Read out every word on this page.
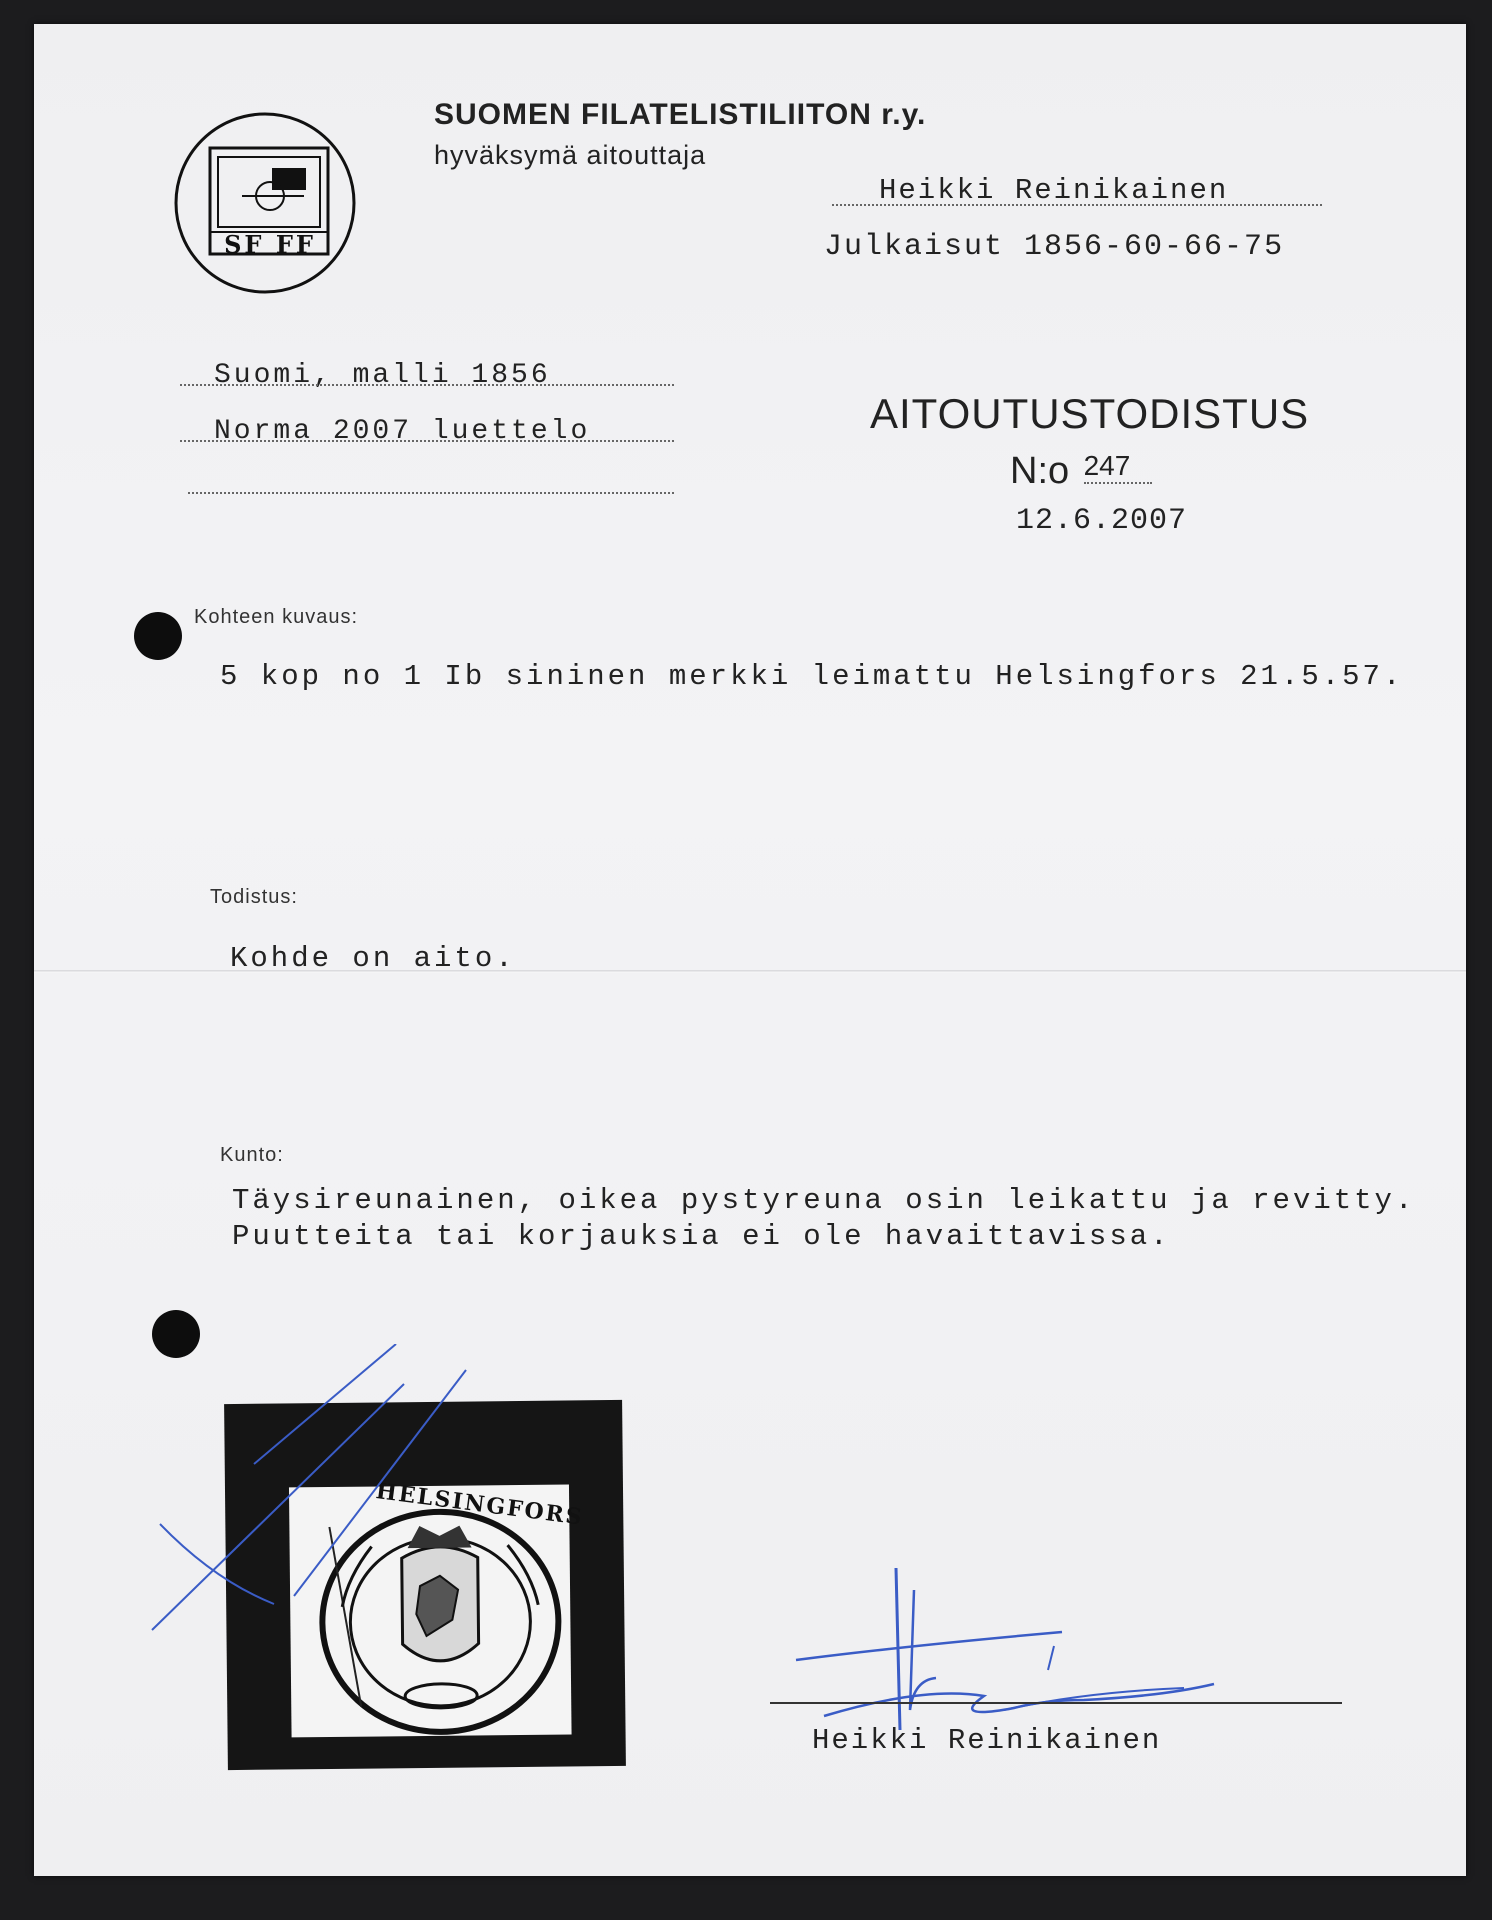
SF FF
SUOMEN FILATELISTILIITON r.y.
hyväksymä aitouttaja
Heikki Reinikainen
Julkaisut 1856-60-66-75
Suomi, malli 1856
Norma 2007 luettelo	AITOUTUSTODISTUS
N:o 247
12.6.2007
Kohteen kuvaus:
5 kop no 1 Ib sininen merkki leimattu Helsingfors 21.5.57.
Todistus:
Kohde on aito.
Kunto:
Täysireunainen, oikea pystyreuna osin leikattu ja revitty.
Puutteita tai korjauksia ei ole havaittavissa.
HELSINGFORS
Heikki Reinikainen
